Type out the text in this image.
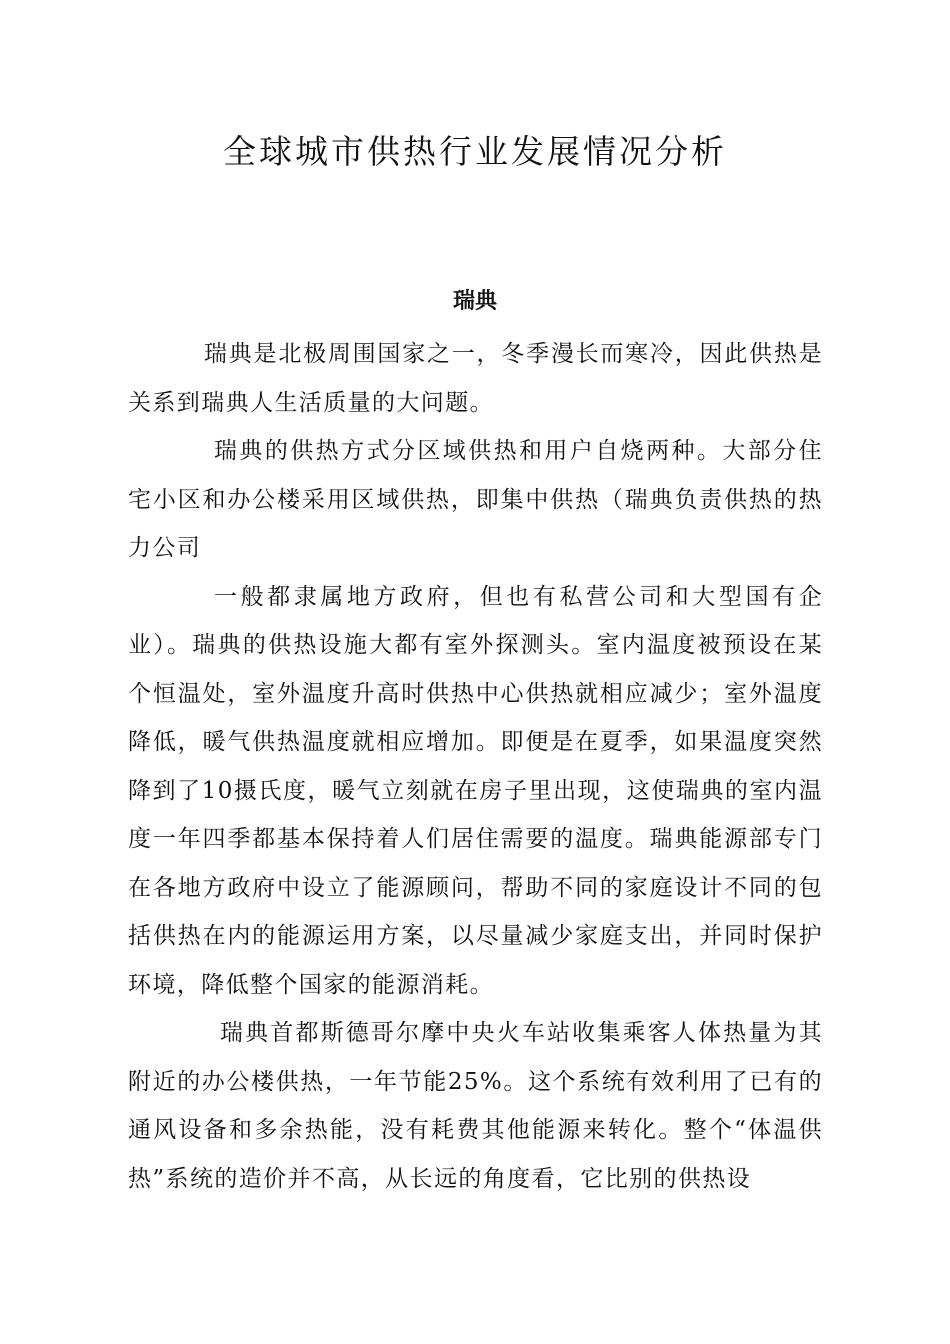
全球城市供热行业发展情况分析
瑞典

瑞典是北极周围国家之一，冬季漫长而寒冷，因此供热是关系到瑞典人生活质量的大问题。

瑞典的供热方式分区域供热和用户自烧两种。大部分住宅小区和办公楼采用区域供热，即集中供热（瑞典负责供热的热力公司

一般都隶属地方政府，但也有私营公司和大型国有企业）。瑞典的供热设施大都有室外探测头。室内温度被预设在某个恒温处，室外温度升高时供热中心供热就相应减少；室外温度降低，暖气供热温度就相应增加。即便是在夏季，如果温度突然降到了10摄氏度，暖气立刻就在房子里出现，这使瑞典的室内温度一年四季都基本保持着人们居住需要的温度。瑞典能源部专门在各地方政府中设立了能源顾问，帮助不同的家庭设计不同的包括供热在内的能源运用方案，以尽量减少家庭支出，并同时保护环境，降低整个国家的能源消耗。

瑞典首都斯德哥尔摩中央火车站收集乘客人体热量为其附近的办公楼供热，一年节能25%。这个系统有效利用了已有的通风设备和多余热能，没有耗费其他能源来转化。整个“体温供热”系统的造价并不高，从长远的角度看，它比别的供热设
